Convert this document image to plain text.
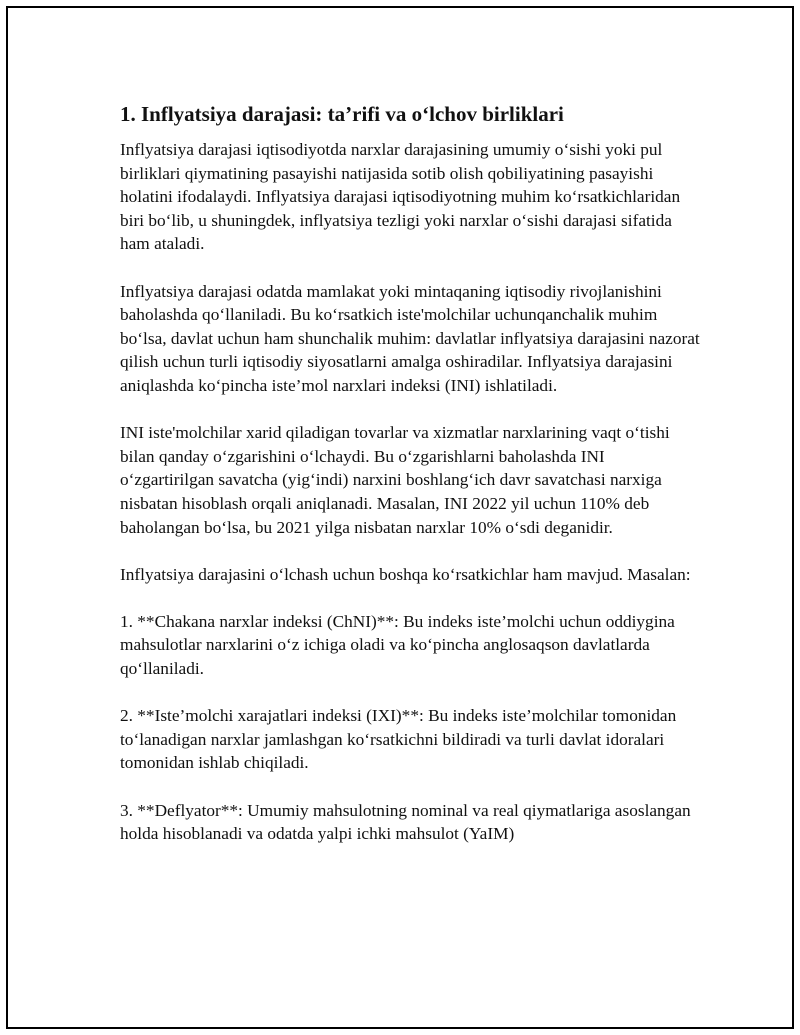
1. Inflyatsiya darajasi: ta’rifi va o‘lchov birliklari

Inflyatsiya darajasi iqtisodiyotda narxlar darajasining umumiy o‘sishi yoki pul birliklari qiymatining pasayishi natijasida sotib olish qobiliyatining pasayishi holatini ifodalaydi. Inflyatsiya darajasi iqtisodiyotning muhim ko‘rsatkichlaridan biri bo‘lib, u shuningdek, inflyatsiya tezligi yoki narxlar o‘sishi darajasi sifatida ham ataladi.

Inflyatsiya darajasi odatda mamlakat yoki mintaqaning iqtisodiy rivojlanishini baholashda qo‘llaniladi. Bu ko‘rsatkich iste'molchilar uchunqanchalik muhim bo‘lsa, davlat uchun ham shunchalik muhim: davlatlar inflyatsiya darajasini nazorat qilish uchun turli iqtisodiy siyosatlarni amalga oshiradilar. Inflyatsiya darajasini aniqlashda ko‘pincha iste’mol narxlari indeksi (INI) ishlatiladi.

INI iste'molchilar xarid qiladigan tovarlar va xizmatlar narxlarining vaqt o‘tishi bilan qanday o‘zgarishini o‘lchaydi. Bu o‘zgarishlarni baholashda INI o‘zgartirilgan savatcha (yig‘indi) narxini boshlang‘ich davr savatchasi narxiga nisbatan hisoblash orqali aniqlanadi. Masalan, INI 2022 yil uchun 110% deb baholangan bo‘lsa, bu 2021 yilga nisbatan narxlar 10% o‘sdi deganidir.

Inflyatsiya darajasini o‘lchash uchun boshqa ko‘rsatkichlar ham mavjud. Masalan:

1. **Chakana narxlar indeksi (ChNI)**: Bu indeks iste’molchi uchun oddiygina mahsulotlar narxlarini o‘z ichiga oladi va ko‘pincha anglosaqson davlatlarda qo‘llaniladi.

2. **Iste’molchi xarajatlari indeksi (IXI)**: Bu indeks iste’molchilar tomonidan to‘lanadigan narxlar jamlashgan ko‘rsatkichni bildiradi va turli davlat idoralari tomonidan ishlab chiqiladi.

3. **Deflyator**: Umumiy mahsulotning nominal va real qiymatlariga asoslangan holda hisoblanadi va odatda yalpi ichki mahsulot (YaIM)
